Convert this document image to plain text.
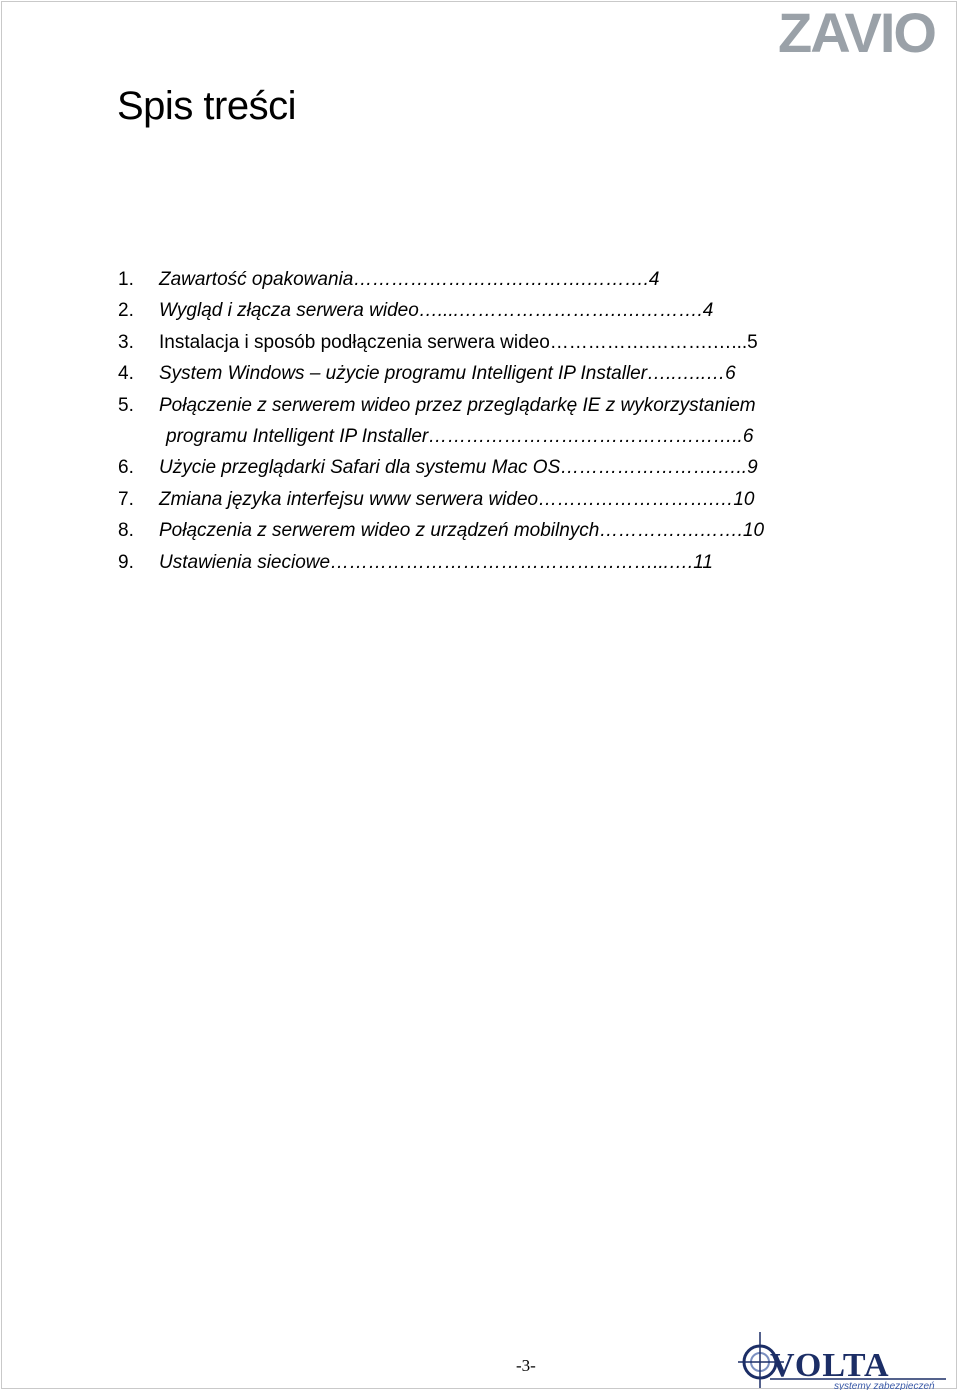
ZAVIO
Spis treści
1. Zawartość opakowania……………………………….……….4
2. Wygląd i złącza serwera wideo…....…………………….….……….4
3. Instalacja i sposób podłączenia serwera wideo…………….……….…...5
4. System Windows – użycie programu Intelligent IP Installer…..…..…6
5. Połączenie z serwerem wideo przez przeglądarkę IE z wykorzystaniem
programu Intelligent IP Installer…………………………………………..6
6. Użycie przeglądarki Safari dla systemu Mac OS…………………….…..9
7. Zmiana języka interfejsu www serwera wideo……………………….…10
8. Połączenia z serwerem wideo z urządzeń mobilnych…………….…….10
9. Ustawienia sieciowe……………………………………………...….11
-3-	VOLTA
systemy zabezpieczeń
